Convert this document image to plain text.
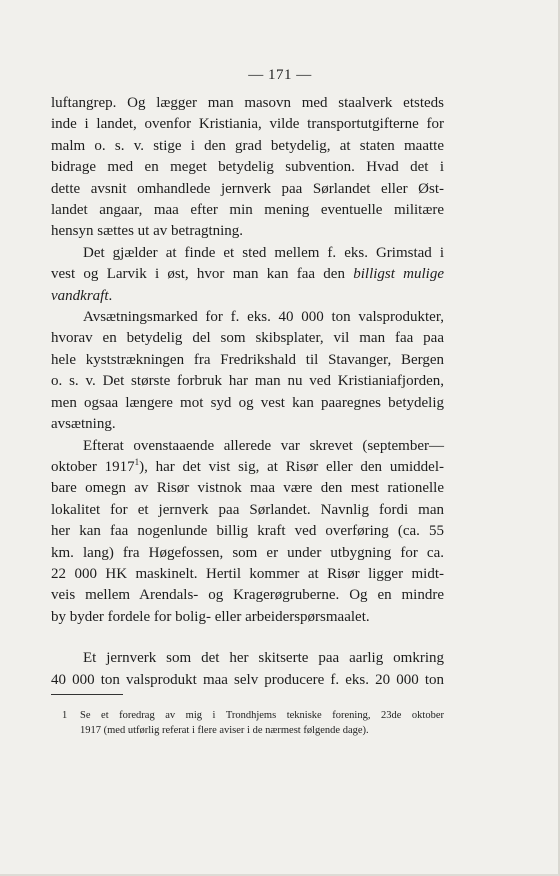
— 171 —
luftangrep. Og lægger man masovn med staalverk etsteds
inde i landet, ovenfor Kristiania, vilde transportutgifterne for
malm o. s. v. stige i den grad betydelig, at staten maatte
bidrage med en meget betydelig subvention. Hvad det i
dette avsnit omhandlede jernverk paa Sørlandet eller Øst-
landet angaar, maa efter min mening eventuelle militære
hensyn sættes ut av betragtning.
Det gjælder at finde et sted mellem f. eks. Grimstad i
vest og Larvik i øst, hvor man kan faa den billigst mulige
vandkraft.
Avsætningsmarked for f. eks. 40 000 ton valsprodukter,
hvorav en betydelig del som skibsplater, vil man faa paa
hele kyststrækningen fra Fredrikshald til Stavanger, Bergen
o. s. v. Det største forbruk har man nu ved Kristianiafjorden,
men ogsaa længere mot syd og vest kan paaregnes betydelig
avsætning.
Efterat ovenstaaende allerede var skrevet (september—
oktober 1917$^1$), har det vist sig, at Risør eller den umiddel-
bare omegn av Risør vistnok maa være den mest rationelle
lokalitet for et jernverk paa Sørlandet. Navnlig fordi man
her kan faa nogenlunde billig kraft ved overføring (ca. 55
km. lang) fra Høgefossen, som er under utbygning for ca.
22 000 HK maskinelt. Hertil kommer at Risør ligger midt-
veis mellem Arendals- og Kragerøgruberne. Og en mindre
by byder fordele for bolig- eller arbeiderspørsmaalet.
Et jernverk som det her skitserte paa aarlig omkring
40 000 ton valsprodukt maa selv producere f. eks. 20 000 ton
1 Se et foredrag av mig i Trondhjems tekniske forening, 23de oktober
1917 (med utførlig referat i flere aviser i de nærmest følgende dage).
